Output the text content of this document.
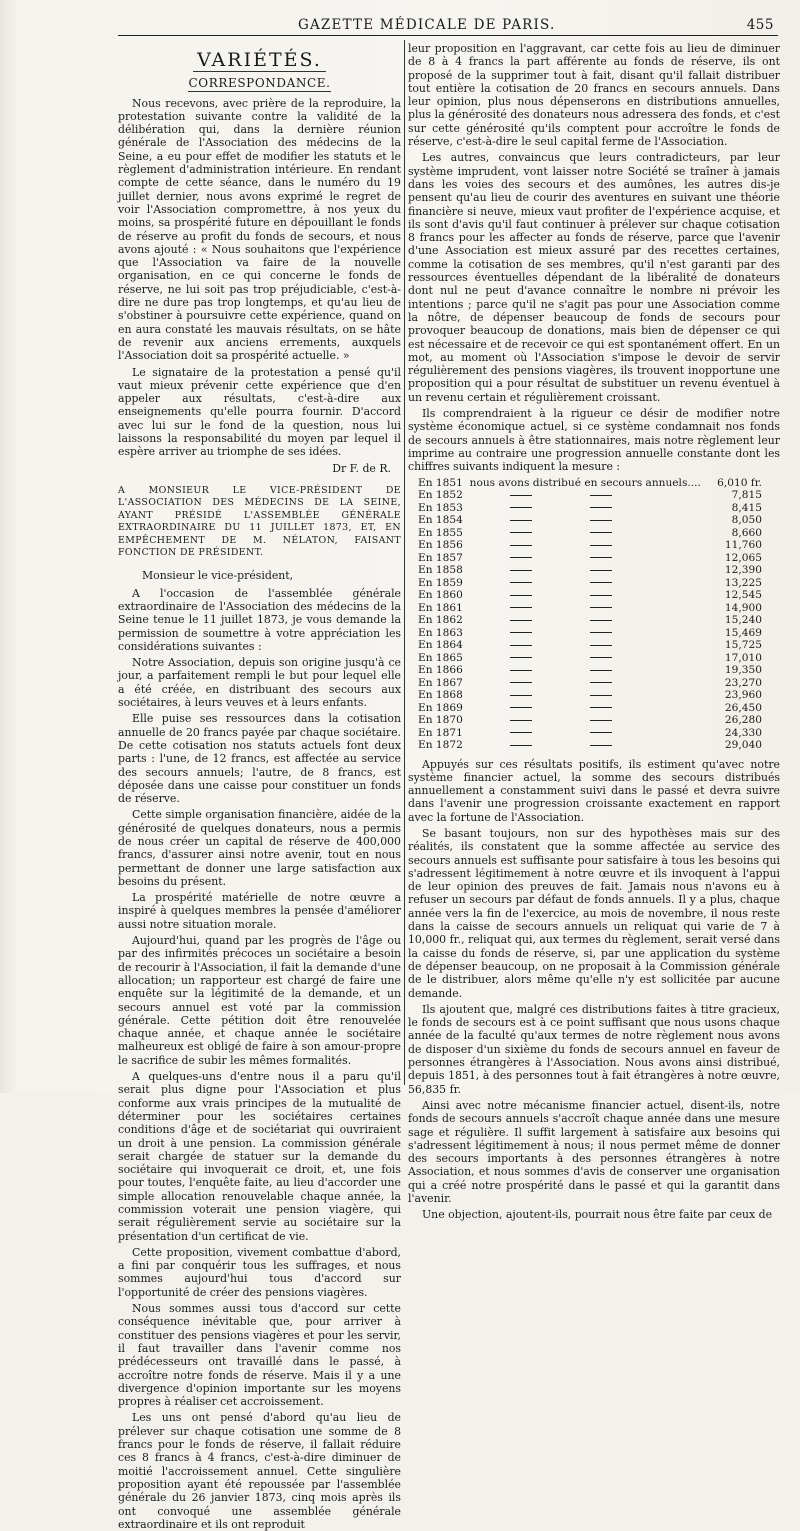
GAZETTE MÉDICALE DE PARIS.	455
VARIÉTÉS.
CORRESPONDANCE.

Nous recevons, avec prière de la reproduire, la protestation suivante contre la validité de la délibération qui, dans la dernière réunion générale de l'Association des médecins de la Seine, a eu pour effet de modifier les statuts et le règlement d'administration intérieure. En rendant compte de cette séance, dans le numéro du 19 juillet dernier, nous avons exprimé le regret de voir l'Association compromettre, à nos yeux du moins, sa prospérité future en dépouillant le fonds de réserve au profit du fonds de secours, et nous avons ajouté : « Nous souhaitons que l'expérience que l'Association va faire de la nouvelle organisation, en ce qui concerne le fonds de réserve, ne lui soit pas trop préjudiciable, c'est-à-dire ne dure pas trop longtemps, et qu'au lieu de s'obstiner à poursuivre cette expérience, quand on en aura constaté les mauvais résultats, on se hâte de revenir aux anciens errements, auxquels l'Association doit sa prospérité actuelle. »

Le signataire de la protestation a pensé qu'il vaut mieux prévenir cette expérience que d'en appeler aux résultats, c'est-à-dire aux enseignements qu'elle pourra fournir. D'accord avec lui sur le fond de la question, nous lui laissons la responsabilité du moyen par lequel il espère arriver au triomphe de ses idées.

Dr F. de R.

A MONSIEUR LE VICE-PRÉSIDENT DE L'ASSOCIATION DES MÉDECINS DE LA SEINE, AYANT PRÉSIDÉ L'ASSEMBLÉE GÉNÉRALE EXTRAORDINAIRE DU 11 JUILLET 1873, ET, EN EMPÊCHEMENT DE M. NÉLATON, FAISANT FONCTION DE PRÉSIDENT.

Monsieur le vice-président,

A l'occasion de l'assemblée générale extraordinaire de l'Association des médecins de la Seine tenue le 11 juillet 1873, je vous demande la permission de soumettre à votre appréciation les considérations suivantes :

Notre Association, depuis son origine jusqu'à ce jour, a parfaitement rempli le but pour lequel elle a été créée, en distribuant des secours aux sociétaires, à leurs veuves et à leurs enfants.

Elle puise ses ressources dans la cotisation annuelle de 20 francs payée par chaque sociétaire. De cette cotisation nos statuts actuels font deux parts : l'une, de 12 francs, est affectée au service des secours annuels; l'autre, de 8 francs, est déposée dans une caisse pour constituer un fonds de réserve.

Cette simple organisation financière, aidée de la générosité de quelques donateurs, nous a permis de nous créer un capital de réserve de 400,000 francs, d'assurer ainsi notre avenir, tout en nous permettant de donner une large satisfaction aux besoins du présent.

La prospérité matérielle de notre œuvre a inspiré à quelques membres la pensée d'améliorer aussi notre situation morale.

Aujourd'hui, quand par les progrès de l'âge ou par des infirmités précoces un sociétaire a besoin de recourir à l'Association, il fait la demande d'une allocation; un rapporteur est chargé de faire une enquête sur la légitimité de la demande, et un secours annuel est voté par la commission générale. Cette pétition doit être renouvelée chaque année, et chaque année le sociétaire malheureux est obligé de faire à son amour-propre le sacrifice de subir les mêmes formalités.

A quelques-uns d'entre nous il a paru qu'il serait plus digne pour l'Association et plus conforme aux vrais principes de la mutualité de déterminer pour les sociétaires certaines conditions d'âge et de sociétariat qui ouvriraient un droit à une pension. La commission générale serait chargée de statuer sur la demande du sociétaire qui invoquerait ce droit, et, une fois pour toutes, l'enquête faite, au lieu d'accorder une simple allocation renouvelable chaque année, la commission voterait une pension viagère, qui serait régulièrement servie au sociétaire sur la présentation d'un certificat de vie.

Cette proposition, vivement combattue d'abord, a fini par conquérir tous les suffrages, et nous sommes aujourd'hui tous d'accord sur l'opportunité de créer des pensions viagères.

Nous sommes aussi tous d'accord sur cette conséquence inévitable que, pour arriver à constituer des pensions viagères et pour les servir, il faut travailler dans l'avenir comme nos prédécesseurs ont travaillé dans le passé, à accroître notre fonds de réserve. Mais il y a une divergence d'opinion importante sur les moyens propres à réaliser cet accroissement.

Les uns ont pensé d'abord qu'au lieu de prélever sur chaque cotisation une somme de 8 francs pour le fonds de réserve, il fallait réduire ces 8 francs à 4 francs, c'est-à-dire diminuer de moitié l'accroissement annuel. Cette singulière proposition ayant été repoussée par l'assemblée générale du 26 janvier 1873, cinq mois après ils ont convoqué une assemblée générale extraordinaire et ils ont reproduit

leur proposition en l'aggravant, car cette fois au lieu de diminuer de 8 à 4 francs la part afférente au fonds de réserve, ils ont proposé de la supprimer tout à fait, disant qu'il fallait distribuer tout entière la cotisation de 20 francs en secours annuels. Dans leur opinion, plus nous dépenserons en distributions annuelles, plus la générosité des donateurs nous adressera des fonds, et c'est sur cette générosité qu'ils comptent pour accroître le fonds de réserve, c'est-à-dire le seul capital ferme de l'Association.

Les autres, convaincus que leurs contradicteurs, par leur système imprudent, vont laisser notre Société se traîner à jamais dans les voies des secours et des aumônes, les autres dis-je pensent qu'au lieu de courir des aventures en suivant une théorie financière si neuve, mieux vaut profiter de l'expérience acquise, et ils sont d'avis qu'il faut continuer à prélever sur chaque cotisation 8 francs pour les affecter au fonds de réserve, parce que l'avenir d'une Association est mieux assuré par des recettes certaines, comme la cotisation de ses membres, qu'il n'est garanti par des ressources éventuelles dépendant de la libéralité de donateurs dont nul ne peut d'avance connaître le nombre ni prévoir les intentions ; parce qu'il ne s'agit pas pour une Association comme la nôtre, de dépenser beaucoup de fonds de secours pour provoquer beaucoup de donations, mais bien de dépenser ce qui est nécessaire et de recevoir ce qui est spontanément offert. En un mot, au moment où l'Association s'impose le devoir de servir régulièrement des pensions viagères, ils trouvent inopportune une proposition qui a pour résultat de substituer un revenu éventuel à un revenu certain et régulièrement croissant.

Ils comprendraient à la rigueur ce désir de modifier notre système économique actuel, si ce système condamnait nos fonds de secours annuels à être stationnaires, mais notre règlement leur imprime au contraire une progression annuelle constante dont les chiffres suivants indiquent la mesure :

En 1851	nous avons distribué en secours annuels....	6,010 fr.
En 1852		7,815
En 1853		8,415
En 1854		8,050
En 1855		8,660
En 1856		11,760
En 1857		12,065
En 1858		12,390
En 1859		13,225
En 1860		12,545
En 1861		14,900
En 1862		15,240
En 1863		15,469
En 1864		15,725
En 1865		17,010
En 1866		19,350
En 1867		23,270
En 1868		23,960
En 1869		26,450
En 1870		26,280
En 1871		24,330
En 1872		29,040

Appuyés sur ces résultats positifs, ils estiment qu'avec notre système financier actuel, la somme des secours distribués annuellement a constamment suivi dans le passé et devra suivre dans l'avenir une progression croissante exactement en rapport avec la fortune de l'Association.

Se basant toujours, non sur des hypothèses mais sur des réalités, ils constatent que la somme affectée au service des secours annuels est suffisante pour satisfaire à tous les besoins qui s'adressent légitimement à notre œuvre et ils invoquent à l'appui de leur opinion des preuves de fait. Jamais nous n'avons eu à refuser un secours par défaut de fonds annuels. Il y a plus, chaque année vers la fin de l'exercice, au mois de novembre, il nous reste dans la caisse de secours annuels un reliquat qui varie de 7 à 10,000 fr., reliquat qui, aux termes du règlement, serait versé dans la caisse du fonds de réserve, si, par une application du système de dépenser beaucoup, on ne proposait à la Commission générale de le distribuer, alors même qu'elle n'y est sollicitée par aucune demande.

Ils ajoutent que, malgré ces distributions faites à titre gracieux, le fonds de secours est à ce point suffisant que nous usons chaque année de la faculté qu'aux termes de notre règlement nous avons de disposer d'un sixième du fonds de secours annuel en faveur de personnes étrangères à l'Association. Nous avons ainsi distribué, depuis 1851, à des personnes tout à fait étrangères à notre œuvre, 56,835 fr.

Ainsi avec notre mécanisme financier actuel, disent-ils, notre fonds de secours annuels s'accroît chaque année dans une mesure sage et régulière. Il suffit largement à satisfaire aux besoins qui s'adressent légitimement à nous; il nous permet même de donner des secours importants à des personnes étrangères à notre Association, et nous sommes d'avis de conserver une organisation qui a créé notre prospérité dans le passé et qui la garantit dans l'avenir.

Une objection, ajoutent-ils, pourrait nous être faite par ceux de
